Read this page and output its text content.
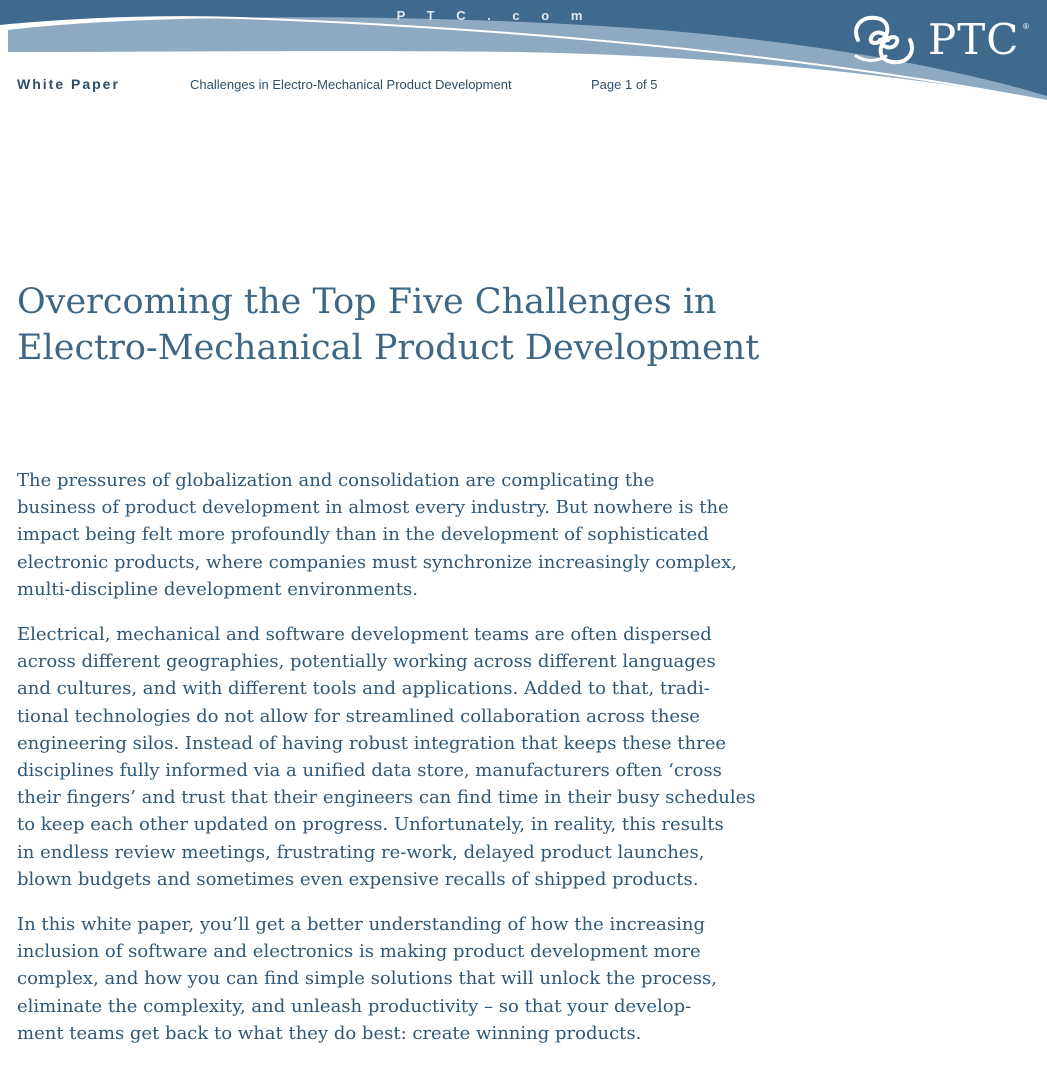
P T C . c o m	PTC ®
White Paper	Challenges in Electro-Mechanical Product Development	Page 1 of 5
Overcoming the Top Five Challenges in
Electro-Mechanical Product Development

The pressures of globalization and consolidation are complicating the
business of product development in almost every industry. But nowhere is the
impact being felt more profoundly than in the development of sophisticated
electronic products, where companies must synchronize increasingly complex,
multi-discipline development environments.

Electrical, mechanical and software development teams are often dispersed
across different geographies, potentially working across different languages
and cultures, and with different tools and applications. Added to that, tradi-
tional technologies do not allow for streamlined collaboration across these
engineering silos. Instead of having robust integration that keeps these three
disciplines fully informed via a unified data store, manufacturers often ‘cross
their fingers’ and trust that their engineers can find time in their busy schedules
to keep each other updated on progress. Unfortunately, in reality, this results
in endless review meetings, frustrating re-work, delayed product launches,
blown budgets and sometimes even expensive recalls of shipped products.

In this white paper, you’ll get a better understanding of how the increasing
inclusion of software and electronics is making product development more
complex, and how you can find simple solutions that will unlock the process,
eliminate the complexity, and unleash productivity – so that your develop-
ment teams get back to what they do best: create winning products.
